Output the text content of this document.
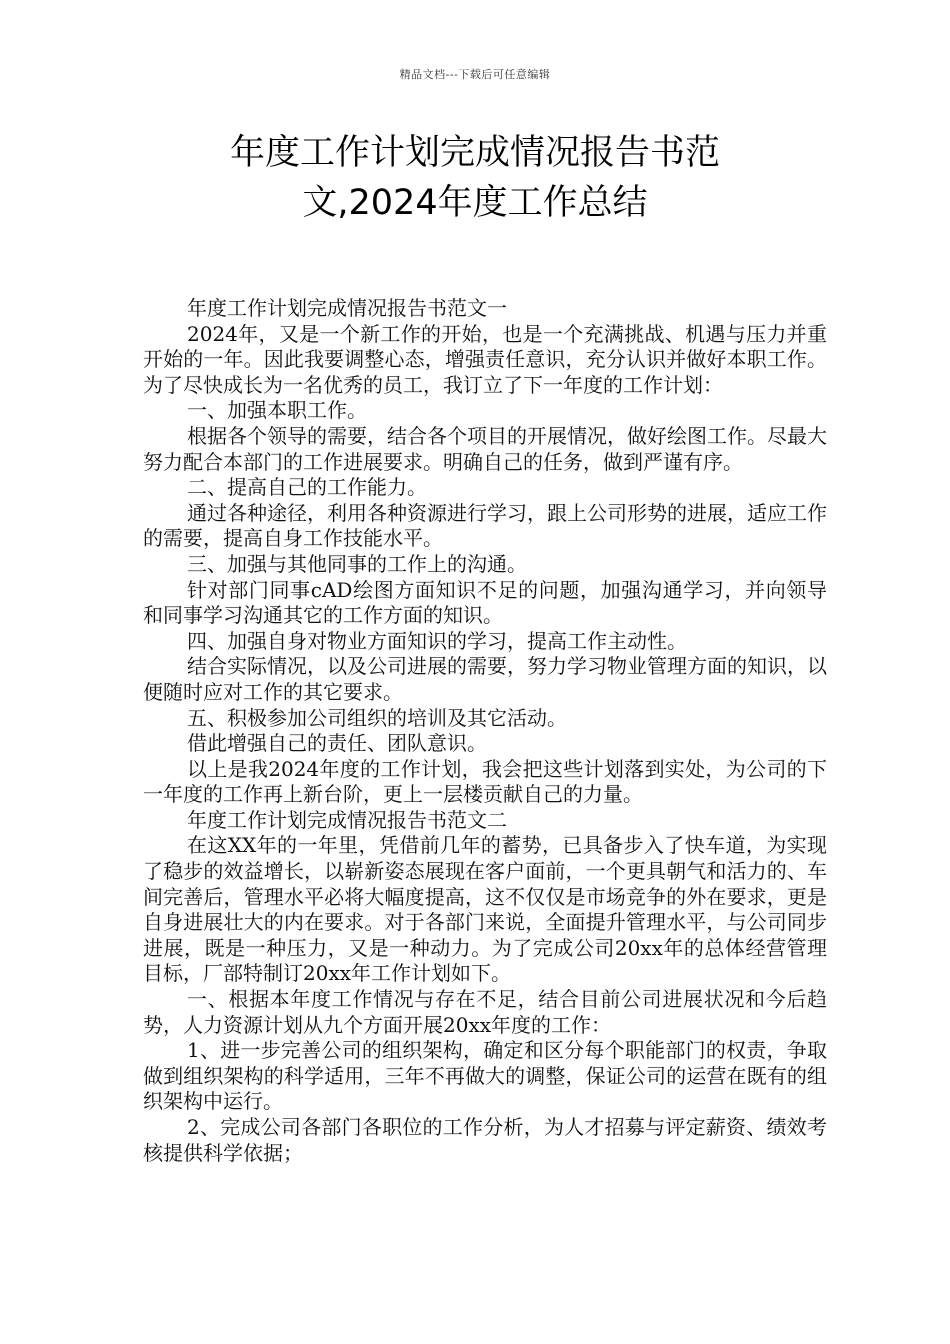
精品文档---下载后可任意编辑
年度工作计划完成情况报告书范
文,2024年度工作总结

年度工作计划完成情况报告书范文一

2024年，又是一个新工作的开始，也是一个充满挑战、机遇与压力并重开始的一年。因此我要调整心态，增强责任意识，充分认识并做好本职工作。为了尽快成长为一名优秀的员工，我订立了下一年度的工作计划：

一、加强本职工作。

根据各个领导的需要，结合各个项目的开展情况，做好绘图工作。尽最大努力配合本部门的工作进展要求。明确自己的任务，做到严谨有序。

二、提高自己的工作能力。

通过各种途径，利用各种资源进行学习，跟上公司形势的进展，适应工作的需要，提高自身工作技能水平。

三、加强与其他同事的工作上的沟通。

针对部门同事cAD绘图方面知识不足的问题，加强沟通学习，并向领导和同事学习沟通其它的工作方面的知识。

四、加强自身对物业方面知识的学习，提高工作主动性。

结合实际情况，以及公司进展的需要，努力学习物业管理方面的知识，以便随时应对工作的其它要求。

五、积极参加公司组织的培训及其它活动。

借此增强自己的责任、团队意识。

以上是我2024年度的工作计划，我会把这些计划落到实处，为公司的下一年度的工作再上新台阶，更上一层楼贡献自己的力量。

年度工作计划完成情况报告书范文二

在这XX年的一年里，凭借前几年的蓄势，已具备步入了快车道，为实现了稳步的效益增长，以崭新姿态展现在客户面前，一个更具朝气和活力的、车间完善后，管理水平必将大幅度提高，这不仅仅是市场竞争的外在要求，更是自身进展壮大的内在要求。对于各部门来说，全面提升管理水平，与公司同步进展，既是一种压力，又是一种动力。为了完成公司20xx年的总体经营管理目标，厂部特制订20xx年工作计划如下。

一、根据本年度工作情况与存在不足，结合目前公司进展状况和今后趋势，人力资源计划从九个方面开展20xx年度的工作：

1、进一步完善公司的组织架构，确定和区分每个职能部门的权责，争取做到组织架构的科学适用，三年不再做大的调整，保证公司的运营在既有的组织架构中运行。

2、完成公司各部门各职位的工作分析，为人才招募与评定薪资、绩效考核提供科学依据；
